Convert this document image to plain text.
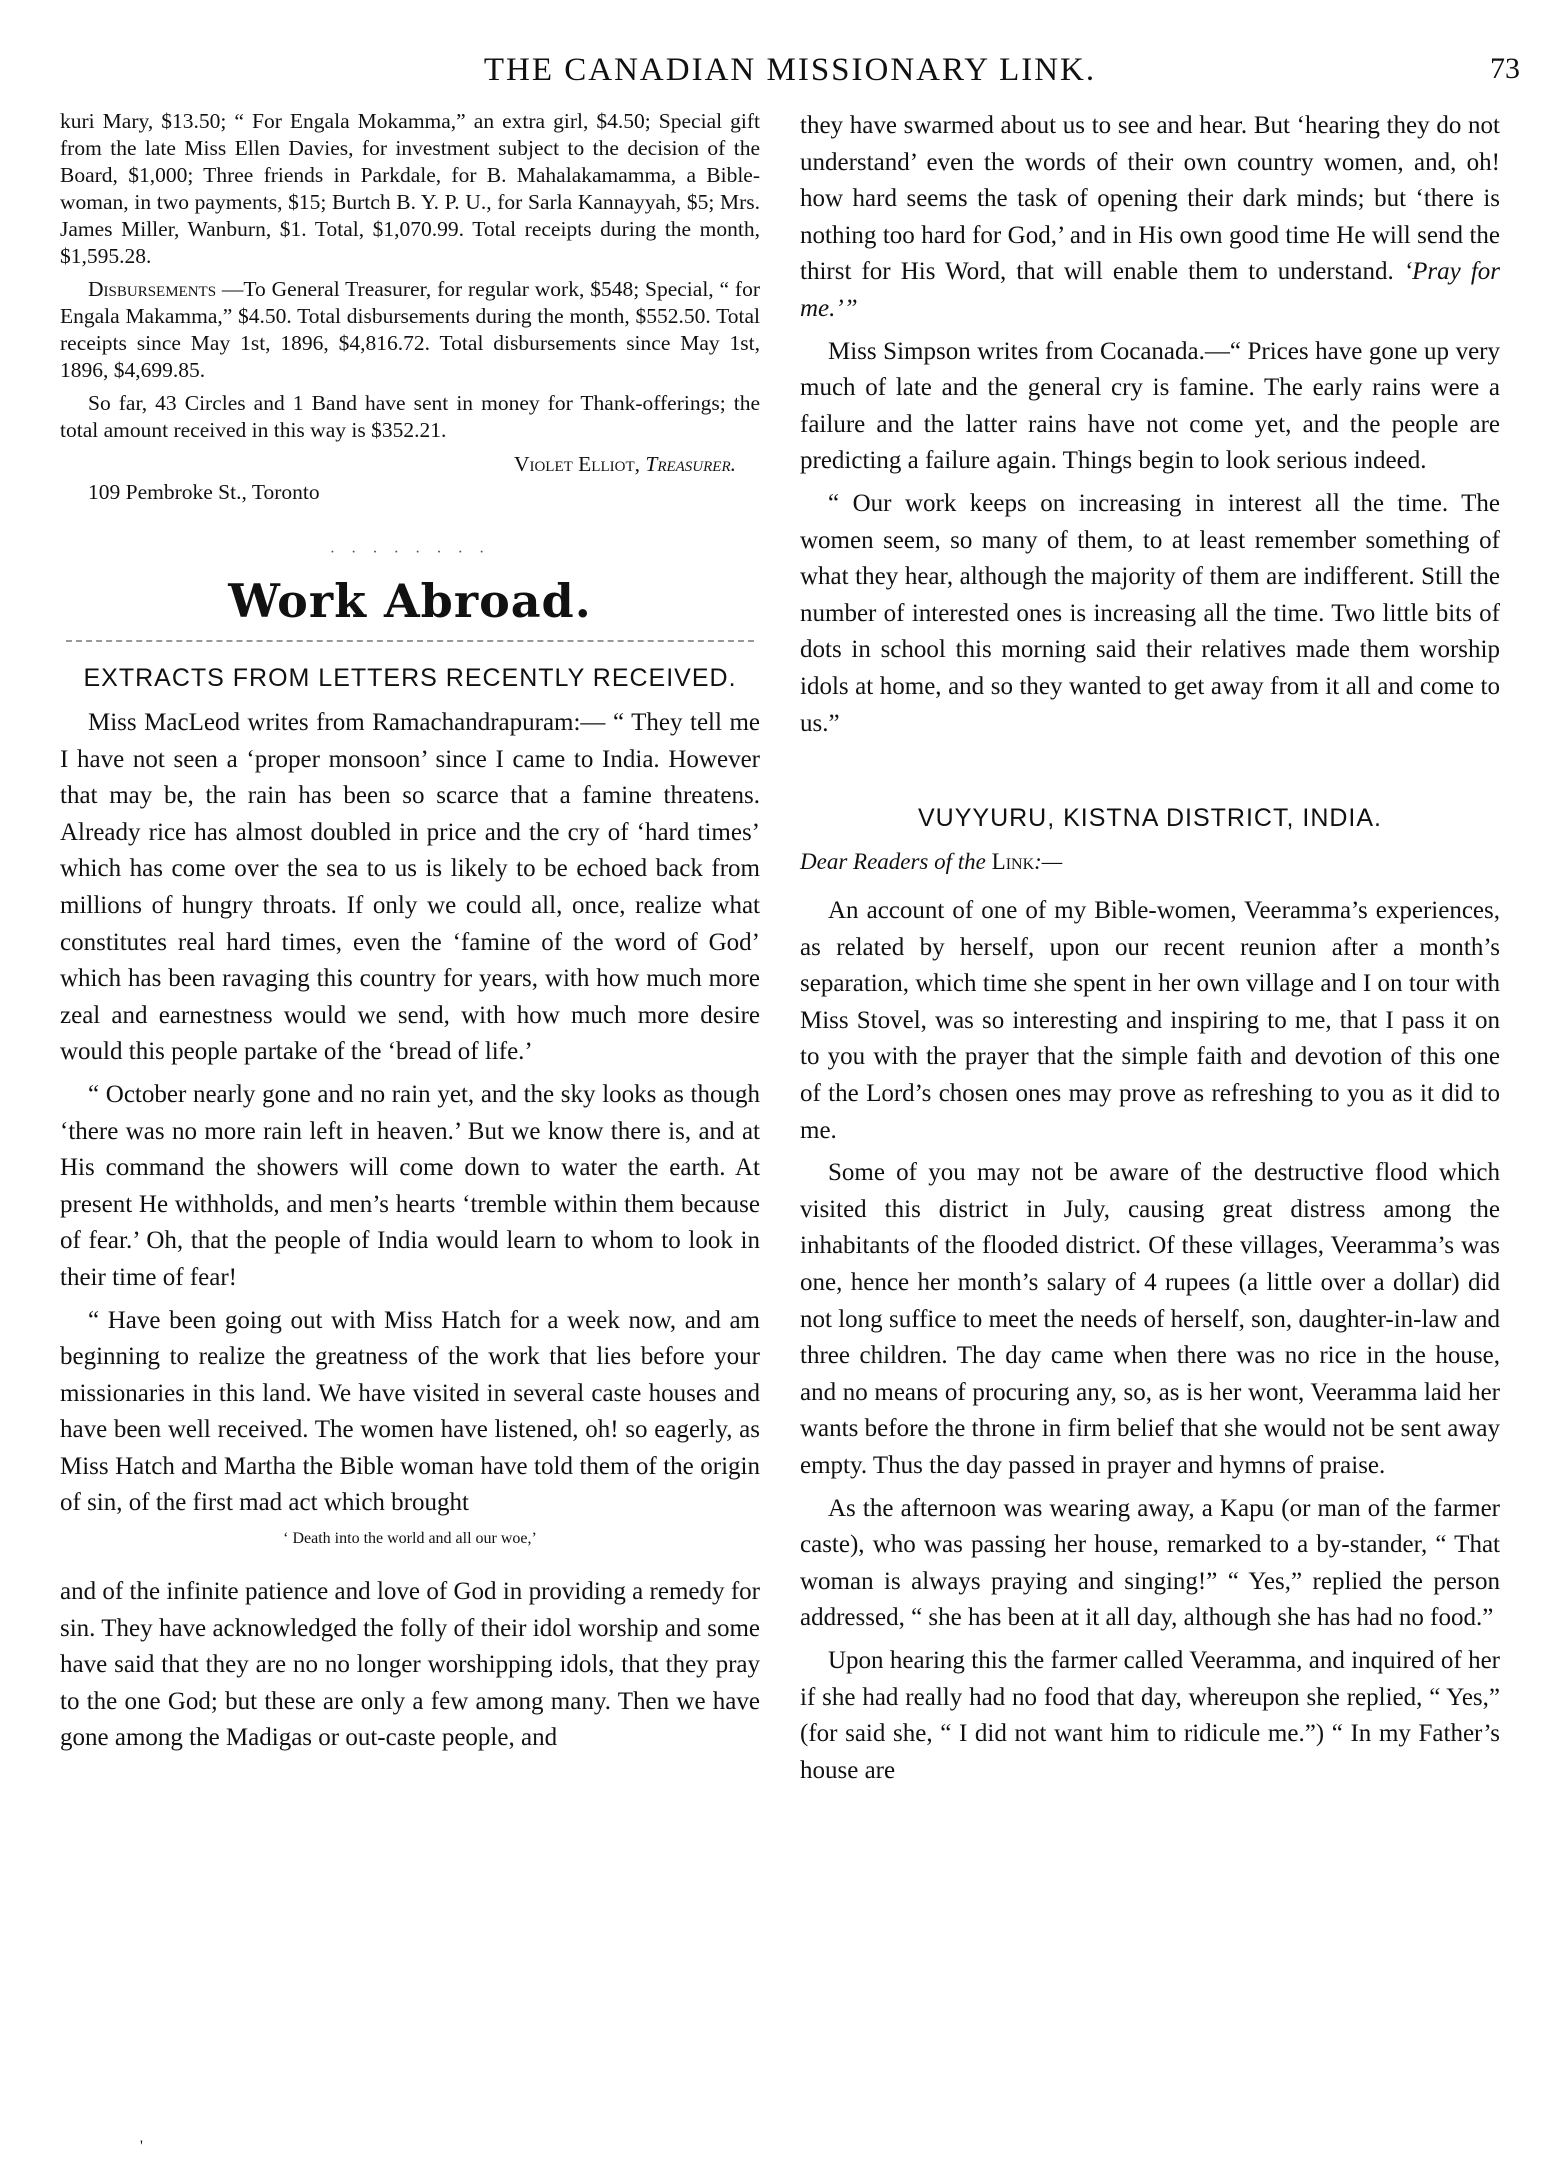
THE CANADIAN MISSIONARY LINK.	73

kuri Mary, $13.50; “ For Engala Mokamma,” an extra girl, $4.50; Special gift from the late Miss Ellen Davies, for investment subject to the decision of the Board, $1,000; Three friends in Parkdale, for B. Mahalakamamma, a Bible-woman, in two payments, $15; Burtch B. Y. P. U., for Sarla Kannayyah, $5; Mrs. James Miller, Wanburn, $1. Total, $1,070.99. Total receipts during the month, $1,595.28.

Disbursements —To General Treasurer, for regular work, $548; Special, “ for Engala Makamma,” $4.50. Total disbursements during the month, $552.50. Total receipts since May 1st, 1896, $4,816.72. Total disbursements since May 1st, 1896, $4,699.85.

So far, 43 Circles and 1 Band have sent in money for Thank-offerings; the total amount received in this way is $352.21.

Violet Elliot, Treasurer.
109 Pembroke St., Toronto
· · · · · · · ·
Work Abroad.
EXTRACTS FROM LETTERS RECENTLY RECEIVED.

Miss MacLeod writes from Ramachandrapuram:— “ They tell me I have not seen a ‘proper monsoon’ since I came to India. However that may be, the rain has been so scarce that a famine threatens. Already rice has almost doubled in price and the cry of ‘hard times’ which has come over the sea to us is likely to be echoed back from millions of hungry throats. If only we could all, once, realize what constitutes real hard times, even the ‘famine of the word of God’ which has been ravaging this country for years, with how much more zeal and earnestness would we send, with how much more desire would this people partake of the ‘bread of life.’

“ October nearly gone and no rain yet, and the sky looks as though ‘there was no more rain left in heaven.’ But we know there is, and at His command the showers will come down to water the earth. At present He withholds, and men’s hearts ‘tremble within them because of fear.’ Oh, that the people of India would learn to whom to look in their time of fear!

“ Have been going out with Miss Hatch for a week now, and am beginning to realize the greatness of the work that lies before your missionaries in this land. We have visited in several caste houses and have been well received. The women have listened, oh! so eagerly, as Miss Hatch and Martha the Bible woman have told them of the origin of sin, of the first mad act which brought

‘ Death into the world and all our woe,’

and of the infinite patience and love of God in providing a remedy for sin. They have acknowledged the folly of their idol worship and some have said that they are no no longer worshipping idols, that they pray to the one God; but these are only a few among many. Then we have gone among the Madigas or out-caste people, and

they have swarmed about us to see and hear. But ‘hearing they do not understand’ even the words of their own country women, and, oh! how hard seems the task of opening their dark minds; but ‘there is nothing too hard for God,’ and in His own good time He will send the thirst for His Word, that will enable them to understand. ‘Pray for me.’”

Miss Simpson writes from Cocanada.—“ Prices have gone up very much of late and the general cry is famine. The early rains were a failure and the latter rains have not come yet, and the people are predicting a failure again. Things begin to look serious indeed.

“ Our work keeps on increasing in interest all the time. The women seem, so many of them, to at least remember something of what they hear, although the majority of them are indifferent. Still the number of interested ones is increasing all the time. Two little bits of dots in school this morning said their relatives made them worship idols at home, and so they wanted to get away from it all and come to us.”

VUYYURU, KISTNA DISTRICT, INDIA.
Dear Readers of the Link:—

An account of one of my Bible-women, Veeramma’s experiences, as related by herself, upon our recent reunion after a month’s separation, which time she spent in her own village and I on tour with Miss Stovel, was so interesting and inspiring to me, that I pass it on to you with the prayer that the simple faith and devotion of this one of the Lord’s chosen ones may prove as refreshing to you as it did to me.

Some of you may not be aware of the destructive flood which visited this district in July, causing great distress among the inhabitants of the flooded district. Of these villages, Veeramma’s was one, hence her month’s salary of 4 rupees (a little over a dollar) did not long suffice to meet the needs of herself, son, daughter-in-law and three children. The day came when there was no rice in the house, and no means of procuring any, so, as is her wont, Veeramma laid her wants before the throne in firm belief that she would not be sent away empty. Thus the day passed in prayer and hymns of praise.

As the afternoon was wearing away, a Kapu (or man of the farmer caste), who was passing her house, remarked to a by-stander, “ That woman is always praying and singing!” “ Yes,” replied the person addressed, “ she has been at it all day, although she has had no food.”

Upon hearing this the farmer called Veeramma, and inquired of her if she had really had no food that day, whereupon she replied, “ Yes,” (for said she, “ I did not want him to ridicule me.”) “ In my Father’s house are

'
